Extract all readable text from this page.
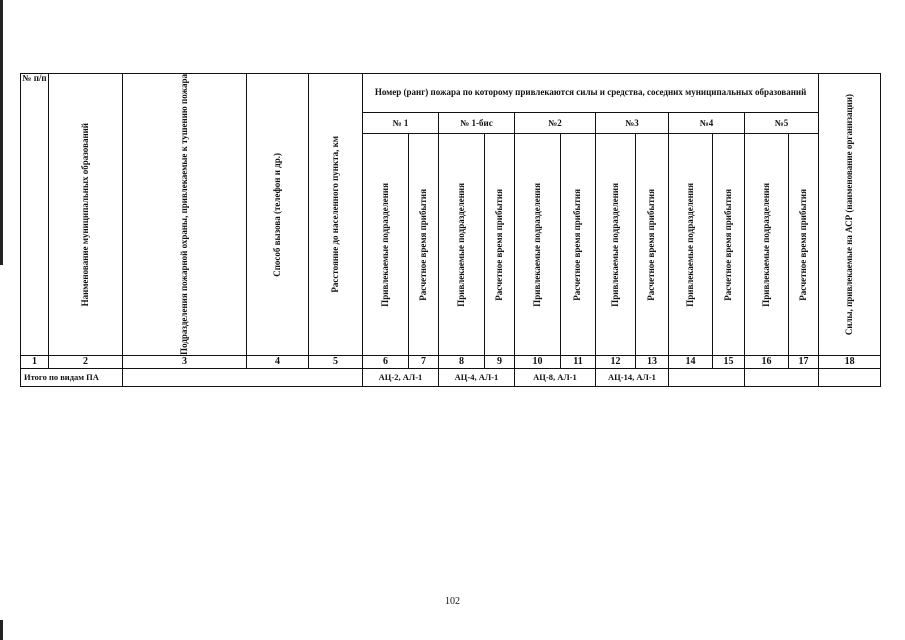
№ п/п	Наименование муниципальных образований	Подразделения пожарной охраны, привлекаемые к тушению пожара	Способ вызова (телефон и др.)	Расстояние до населенного пункта, км	Номер (ранг) пожара по которому привлекаются силы и средства, соседних муниципальных образований												Силы, привлекаемые на АСР (наименование организации)

					№ 1		№ 1-бис		№2		№3		№4		№5		

					Привлекаемые подразделения	Расчетное время прибытия	Привлекаемые подразделения	Расчетное время прибытия	Привлекаемые подразделения	Расчетное время прибытия	Привлекаемые подразделения	Расчетное время прибытия	Привлекаемые подразделения	Расчетное время прибытия	Привлекаемые подразделения	Расчетное время прибытия	

1	2	3	4	5	6	7	8	9	10	11	12	13	14	15	16	17	18
Итого по видам ПА					АЦ-2, АЛ-1		АЦ-4, АЛ-1		АЦ-8, АЛ-1		АЦ-14, АЛ-1						
102
